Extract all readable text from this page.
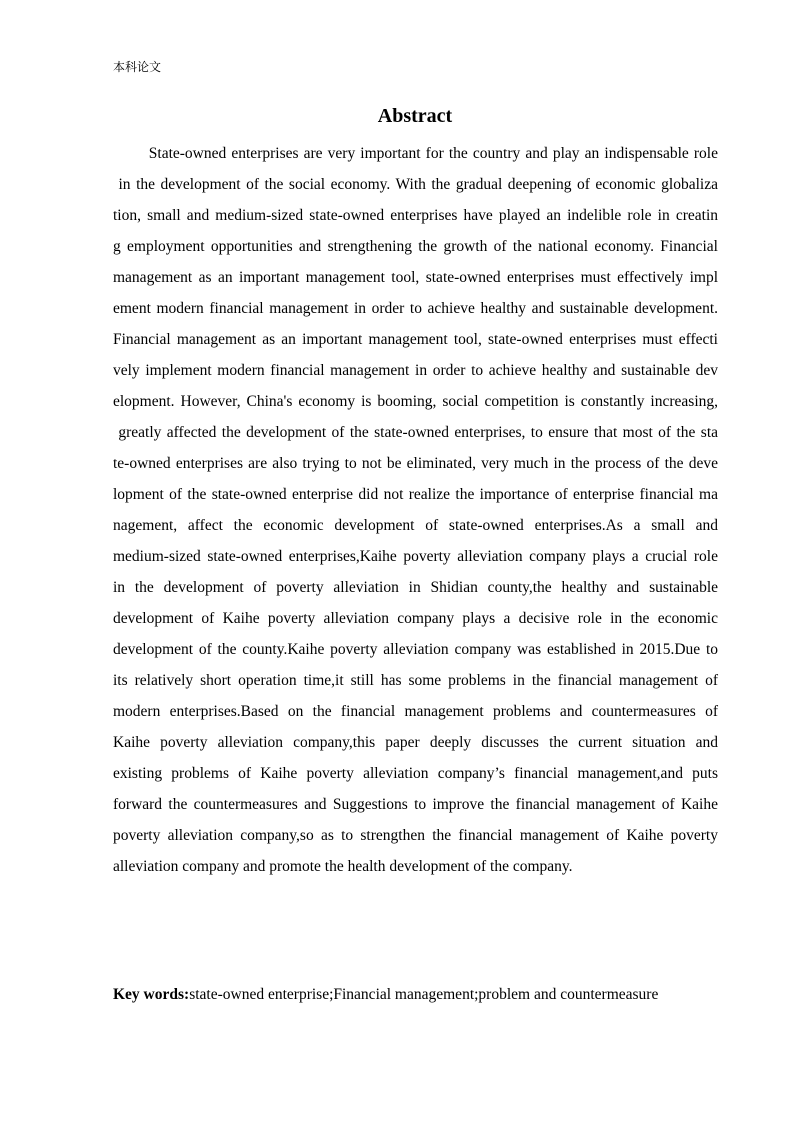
本科论文
Abstract
State-owned enterprises are very important for the country and play an indispensable role
in the development of the social economy. With the gradual deepening of economic globaliza
tion, small and medium-sized state-owned enterprises have played an indelible role in creatin
g employment opportunities and strengthening the growth of the national economy. Financial
management as an important management tool, state-owned enterprises must effectively impl
ement modern financial management in order to achieve healthy and sustainable development.
Financial management as an important management tool, state-owned enterprises must effecti
vely implement modern financial management in order to achieve healthy and sustainable dev
elopment. However, China's economy is booming, social competition is constantly increasing,
greatly affected the development of the state-owned enterprises, to ensure that most of the sta
te-owned enterprises are also trying to not be eliminated, very much in the process of the deve
lopment of the state-owned enterprise did not realize the importance of enterprise financial ma
nagement, affect the economic development of state-owned enterprises.As a small and
medium-sized state-owned enterprises,Kaihe poverty alleviation company plays a crucial role
in the development of poverty alleviation in Shidian county,the healthy and sustainable
development of Kaihe poverty alleviation company plays a decisive role in the economic
development of the county.Kaihe poverty alleviation company was established in 2015.Due to
its relatively short operation time,it still has some problems in the financial management of
modern enterprises.Based on the financial management problems and countermeasures of
Kaihe poverty alleviation company,this paper deeply discusses the current situation and
existing problems of Kaihe poverty alleviation company’s financial management,and puts
forward the countermeasures and Suggestions to improve the financial management of Kaihe
poverty alleviation company,so as to strengthen the financial management of Kaihe poverty
alleviation company and promote the health development of the company.
Key words:state-owned enterprise;Financial management;problem and countermeasure
